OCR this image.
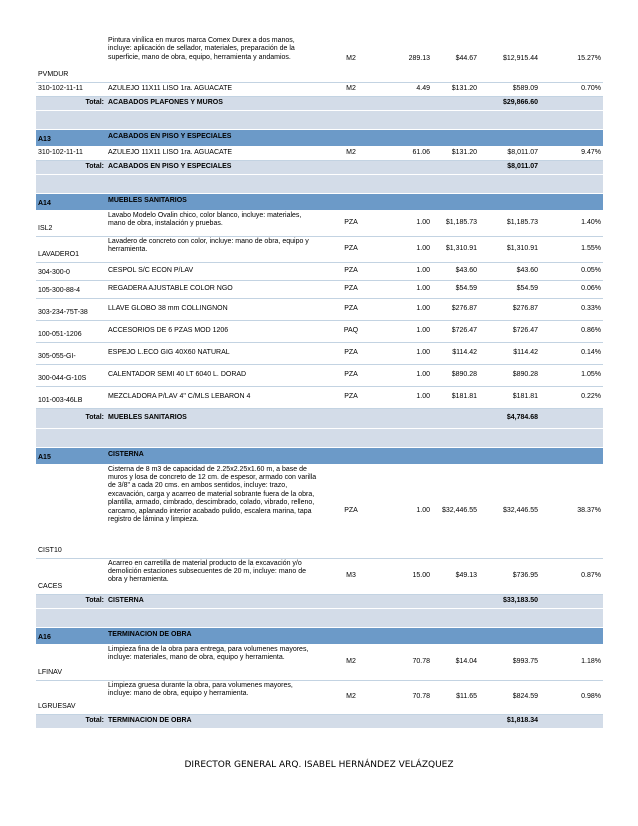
PVMDUR	Pintura vinílica en muros marca Comex Durex a dos manos, incluye: aplicación de sellador, materiales, preparación de la superficie, mano de obra, equipo, herramienta y andamios.	M2	289.13	$44.67	$12,915.44	15.27%
310-102-11-11	AZULEJO 11X11 LISO 1ra. AGUACATE	M2	4.49	$131.20	$589.09	0.70%
Total:	ACABADOS PLAFONES Y MUROS				$29,866.60	

A13	ACABADOS EN PISO Y ESPECIALES					
310-102-11-11	AZULEJO 11X11 LISO 1ra. AGUACATE	M2	61.06	$131.20	$8,011.07	9.47%
Total:	ACABADOS EN PISO Y ESPECIALES				$8,011.07	

A14	MUEBLES SANITARIOS					
ISL2	Lavabo Modelo Ovalin chico, color blanco, incluye: materiales, mano de obra, instalación y pruebas.	PZA	1.00	$1,185.73	$1,185.73	1.40%
LAVADERO1	Lavadero de concreto con color, incluye: mano de obra, equipo y herramienta.	PZA	1.00	$1,310.91	$1,310.91	1.55%
304-300-0	CESPOL S/C ECON P/LAV	PZA	1.00	$43.60	$43.60	0.05%
105-300-88-4	REGADERA AJUSTABLE COLOR NGO	PZA	1.00	$54.59	$54.59	0.06%
303-234-75T-38	LLAVE GLOBO 38 mm COLLINGNON	PZA	1.00	$276.87	$276.87	0.33%
100-051-1206	ACCESORIOS DE 6 PZAS MOD 1206	PAQ	1.00	$726.47	$726.47	0.86%
305-055-GI-	ESPEJO L.ECO GIG 40X60 NATURAL	PZA	1.00	$114.42	$114.42	0.14%
300-044-G-10S	CALENTADOR SEMI 40 LT 6040 L. DORAD	PZA	1.00	$890.28	$890.28	1.05%
101-003-46LB	MEZCLADORA P/LAV 4" C/MLS LEBARON 4	PZA	1.00	$181.81	$181.81	0.22%
Total:	MUEBLES SANITARIOS				$4,784.68	

A15	CISTERNA					
CIST10	Cisterna de 8 m3 de capacidad de 2.25x2.25x1.60 m, a base de muros y losa de concreto de 12 cm. de espesor, armado con varilla de 3/8" a cada 20 cms. en ambos sentidos, incluye: trazo, excavación, carga y acarreo de material sobrante fuera de la obra, plantilla, armado, cimbrado, descimbrado, colado, vibrado, relleno, carcamo, aplanado interior acabado pulido, escalera marina, tapa registro de lámina y limpieza.	PZA	1.00	$32,446.55	$32,446.55	38.37%
CACES	Acarreo en carretilla de material producto de la excavación y/o demolición estaciones subsecuentes de 20 m, incluye: mano de obra y herramienta.	M3	15.00	$49.13	$736.95	0.87%
Total:	CISTERNA				$33,183.50	

A16	TERMINACION DE OBRA					
LFINAV	Limpieza fina de la obra para entrega, para volumenes mayores, incluye: materiales, mano de obra, equipo y herramienta.	M2	70.78	$14.04	$993.75	1.18%
LGRUESAV	Limpieza gruesa durante la obra, para volumenes mayores, incluye: mano de obra, equipo y herramienta.	M2	70.78	$11.65	$824.59	0.98%
Total:	TERMINACION DE OBRA				$1,818.34	
DIRECTOR GENERAL ARQ. ISABEL HERNÁNDEZ VELÁZQUEZ
